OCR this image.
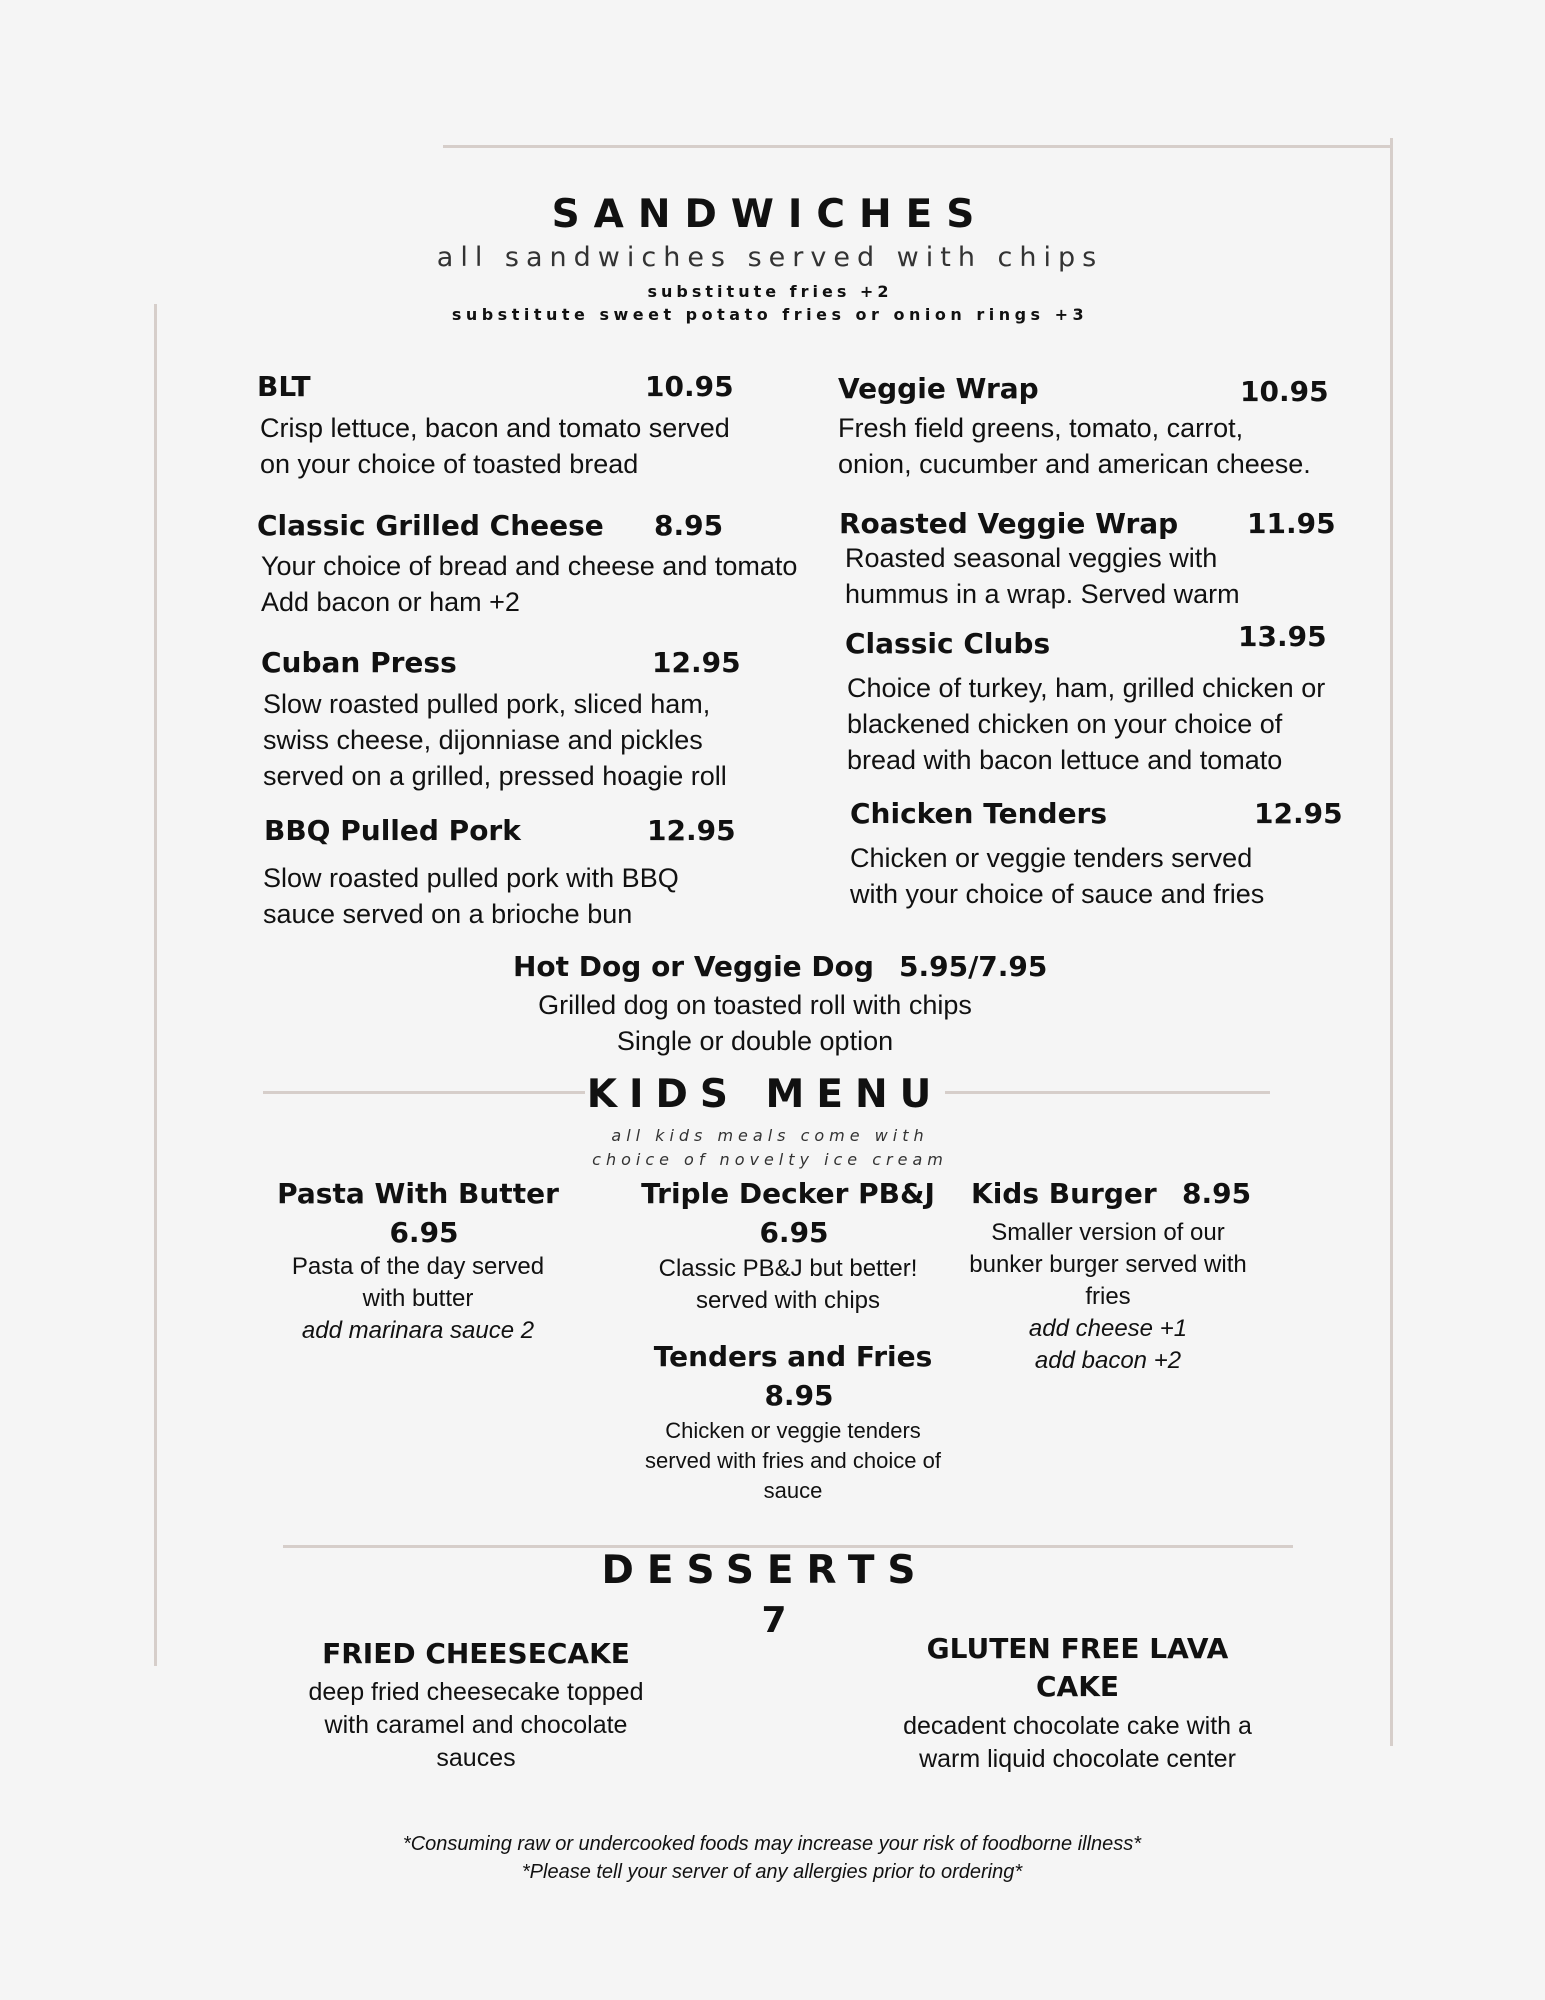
SANDWICHES
all sandwiches served with chips
substitute fries +2
substitute sweet potato fries or onion rings +3
BLT	10.95
Crisp lettuce, bacon and tomato served
on your choice of toasted bread
Veggie Wrap	10.95
Fresh field greens, tomato, carrot,
onion, cucumber and american cheese.
Classic Grilled Cheese 8.95
Your choice of bread and cheese and tomato
Add bacon or ham +2
Roasted Veggie Wrap 11.95
Roasted seasonal veggies with
hummus in a wrap. Served warm
Cuban Press	12.95
Slow roasted pulled pork, sliced ham,
swiss cheese, dijonniase and pickles
served on a grilled, pressed hoagie roll
Classic Clubs	13.95
Choice of turkey, ham, grilled chicken or
blackened chicken on your choice of
bread with bacon lettuce and tomato
BBQ Pulled Pork	12.95
Slow roasted pulled pork with BBQ
sauce served on a brioche bun
Chicken Tenders	12.95
Chicken or veggie tenders served
with your choice of sauce and fries
Hot Dog or Veggie Dog 5.95/7.95
Grilled dog on toasted roll with chips
Single or double option
KIDS MENU
all kids meals come with
choice of novelty ice cream
Pasta With Butter
6.95
Pasta of the day served
with butter
add marinara sauce 2
Triple Decker PB&J
6.95
Classic PB&J but better!
served with chips
Kids Burger 8.95
Smaller version of our
bunker burger served with
fries
add cheese +1
add bacon +2
Tenders and Fries
8.95
Chicken or veggie tenders
served with fries and choice of
sauce
DESSERTS
7
FRIED CHEESECAKE
deep fried cheesecake topped
with caramel and chocolate
sauces
GLUTEN FREE LAVA
CAKE
decadent chocolate cake with a
warm liquid chocolate center
*Consuming raw or undercooked foods may increase your risk of foodborne illness*
*Please tell your server of any allergies prior to ordering*
